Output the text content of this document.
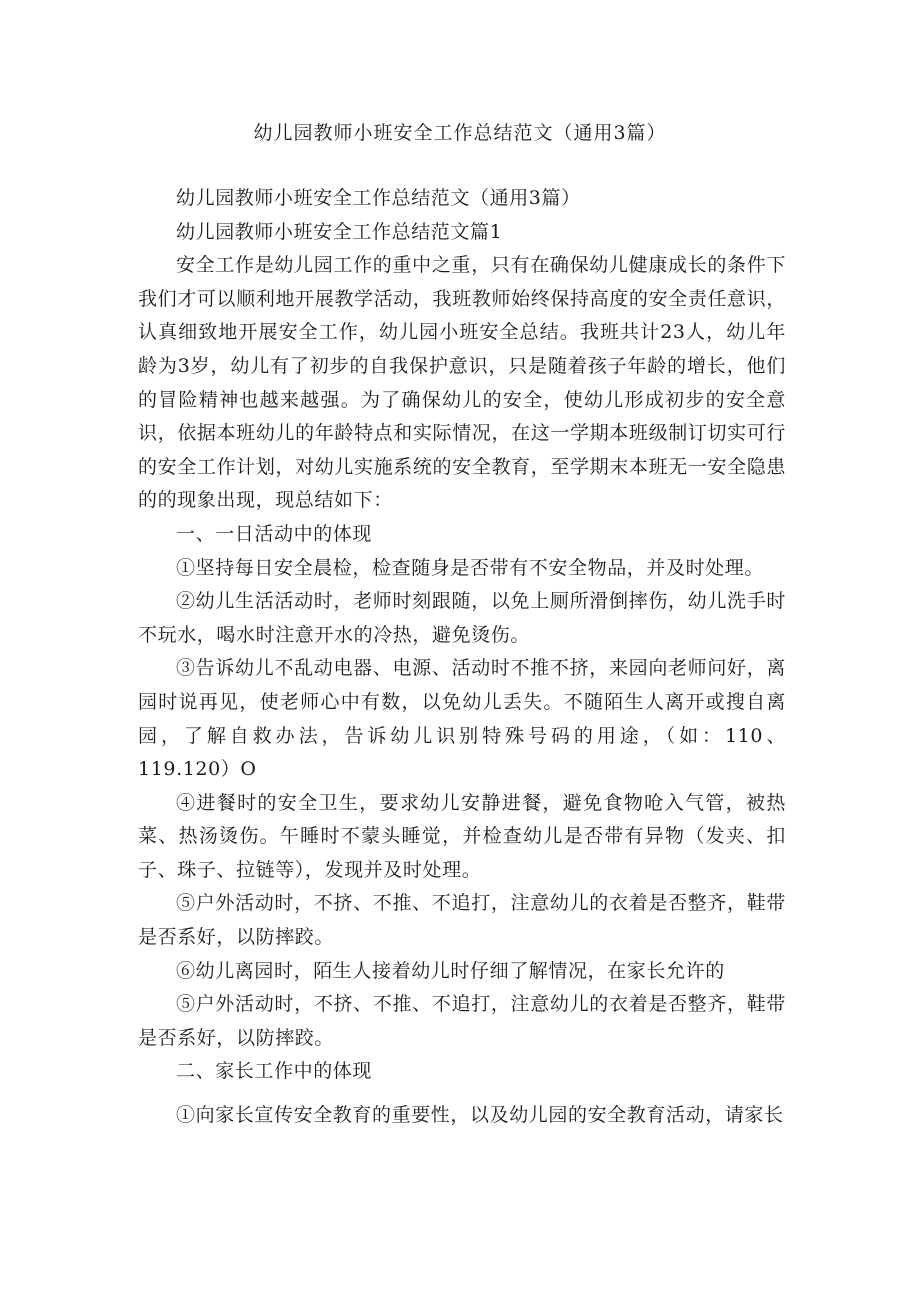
幼儿园教师小班安全工作总结范文（通用3篇）

幼儿园教师小班安全工作总结范文（通用3篇）

幼儿园教师小班安全工作总结范文篇1

安全工作是幼儿园工作的重中之重，只有在确保幼儿健康成长的条件下我们才可以顺利地开展教学活动，我班教师始终保持高度的安全责任意识，认真细致地开展安全工作，幼儿园小班安全总结。我班共计23人，幼儿年龄为3岁，幼儿有了初步的自我保护意识，只是随着孩子年龄的增长，他们的冒险精神也越来越强。为了确保幼儿的安全，使幼儿形成初步的安全意识，依据本班幼儿的年龄特点和实际情况，在这一学期本班级制订切实可行的安全工作计划，对幼儿实施系统的安全教育，至学期末本班无一安全隐患的的现象出现，现总结如下：

一、一日活动中的体现

①坚持每日安全晨检，检查随身是否带有不安全物品，并及时处理。

②幼儿生活活动时，老师时刻跟随，以免上厕所滑倒摔伤，幼儿洗手时不玩水，喝水时注意开水的冷热，避免烫伤。

③告诉幼儿不乱动电器、电源、活动时不推不挤，来园向老师问好，离园时说再见，使老师心中有数，以免幼儿丢失。不随陌生人离开或搜自离园，了解自救办法，告诉幼儿识别特殊号码的用途，（如：110、119.120）O

④进餐时的安全卫生，要求幼儿安静进餐，避免食物呛入气管，被热菜、热汤烫伤。午睡时不蒙头睡觉，并检查幼儿是否带有异物（发夹、扣子、珠子、拉链等），发现并及时处理。

⑤户外活动时，不挤、不推、不追打，注意幼儿的衣着是否整齐，鞋带是否系好，以防摔跤。

⑥幼儿离园时，陌生人接着幼儿时仔细了解情况，在家长允许的

⑤户外活动时，不挤、不推、不追打，注意幼儿的衣着是否整齐，鞋带是否系好，以防摔跤。

二、家长工作中的体现

①向家长宣传安全教育的重要性，以及幼儿园的安全教育活动，请家长
